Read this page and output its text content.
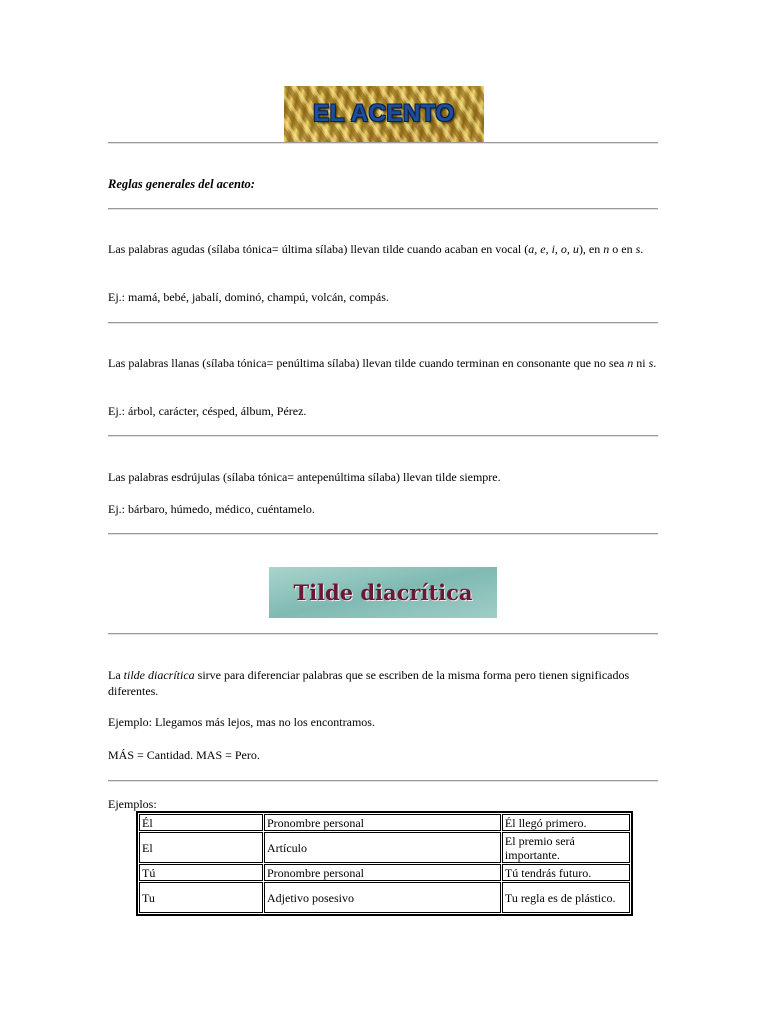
EL ACENTO
Reglas generales del acento:
Las palabras agudas (sílaba tónica= última sílaba) llevan tilde cuando acaban en vocal (a, e, i, o, u), en n o en s.
Ej.: mamá, bebé, jabalí, dominó, champú, volcán, compás.
Las palabras llanas (sílaba tónica= penúltima sílaba) llevan tilde cuando terminan en consonante que no sea n ni s.
Ej.: árbol, carácter, césped, álbum, Pérez.
Las palabras esdrújulas (sílaba tónica= antepenúltima sílaba) llevan tilde siempre.
Ej.: bárbaro, húmedo, médico, cuéntamelo.
Tilde diacrítica
La tilde diacrítica sirve para diferenciar palabras que se escriben de la misma forma pero tienen significados diferentes.
Ejemplo: Llegamos más lejos, mas no los encontramos.
MÁS = Cantidad. MAS = Pero.
Ejemplos:
Él	Pronombre personal	Él llegó primero.
El	Artículo	El premio será importante.
Tú	Pronombre personal	Tú tendrás futuro.
Tu	Adjetivo posesivo	Tu regla es de plástico.
